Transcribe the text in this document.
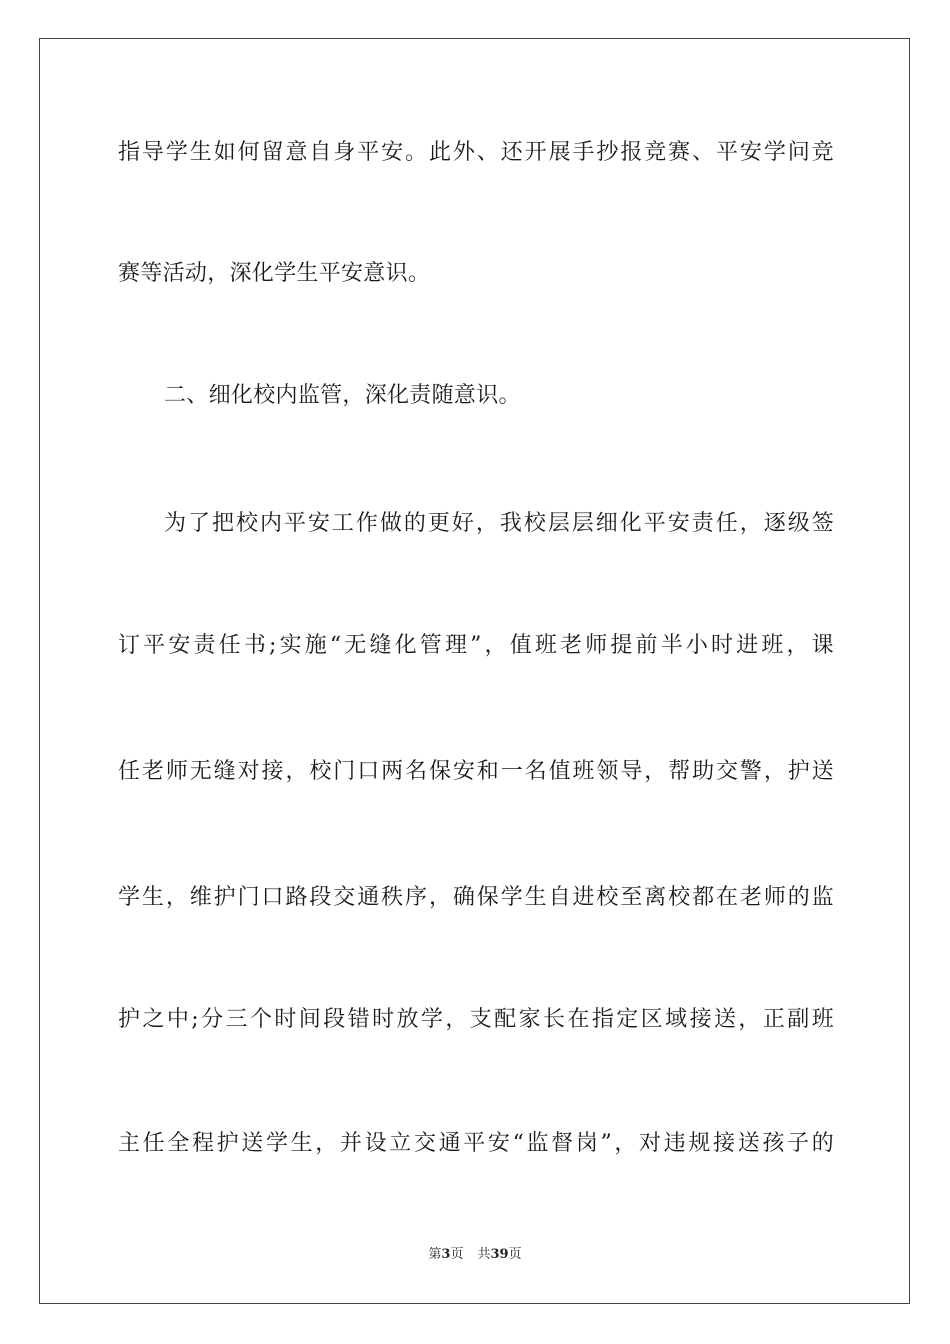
指导学生如何留意自身平安。此外、还开展手抄报竞赛、平安学问竞
赛等活动，深化学生平安意识。
二、细化校内监管，深化责随意识。
为了把校内平安工作做的更好，我校层层细化平安责任，逐级签
订平安责任书;实施“无缝化管理”，值班老师提前半小时进班，课
任老师无缝对接，校门口两名保安和一名值班领导，帮助交警，护送
学生，维护门口路段交通秩序，确保学生自进校至离校都在老师的监
护之中;分三个时间段错时放学，支配家长在指定区域接送，正副班
主任全程护送学生，并设立交通平安“监督岗”，对违规接送孩子的
第3页 共39页
